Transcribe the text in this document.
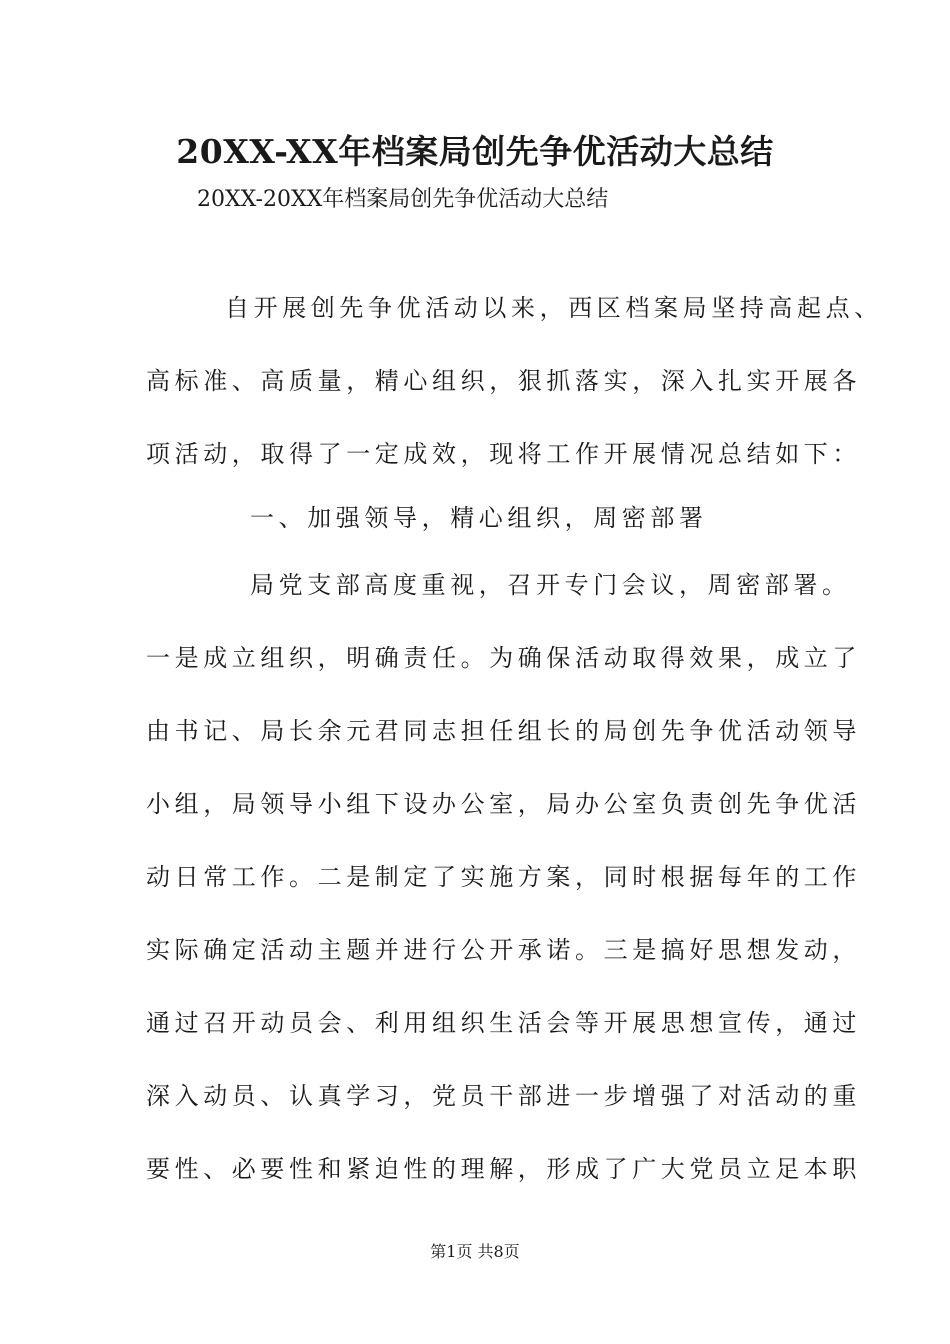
20XX-XX年档案局创先争优活动大总结
20XX-20XX年档案局创先争优活动大总结
自开展创先争优活动以来，西区档案局坚持高起点、
高标准、高质量，精心组织，狠抓落实，深入扎实开展各
项活动，取得了一定成效，现将工作开展情况总结如下：
一、加强领导，精心组织，周密部署
局党支部高度重视，召开专门会议，周密部署。
一是成立组织，明确责任。为确保活动取得效果，成立了
由书记、局长余元君同志担任组长的局创先争优活动领导
小组，局领导小组下设办公室，局办公室负责创先争优活
动日常工作。二是制定了实施方案，同时根据每年的工作
实际确定活动主题并进行公开承诺。三是搞好思想发动，
通过召开动员会、利用组织生活会等开展思想宣传，通过
深入动员、认真学习，党员干部进一步增强了对活动的重
要性、必要性和紧迫性的理解，形成了广大党员立足本职
第1页 共8页
